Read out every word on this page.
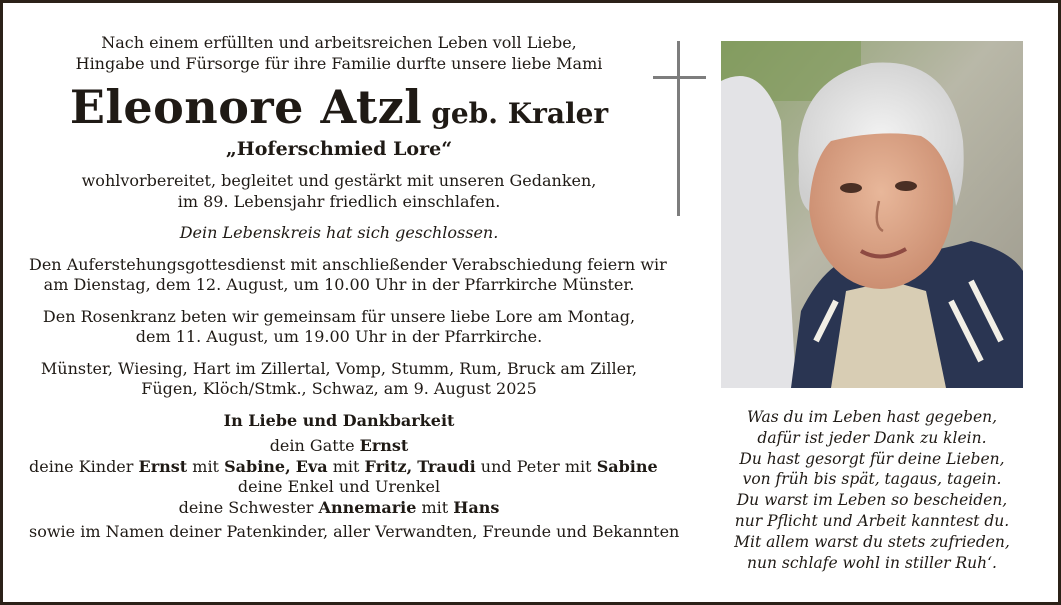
Nach einem erfüllten und arbeitsreichen Leben voll Liebe,
Hingabe und Fürsorge für ihre Familie durfte unsere liebe Mami
Eleonore Atzl geb. Kraler
„Hoferschmied Lore“
wohlvorbereitet, begleitet und gestärkt mit unseren Gedanken,
im 89. Lebensjahr friedlich einschlafen.
Dein Lebenskreis hat sich geschlossen.
Den Auferstehungsgottesdienst mit anschließender Verabschiedung feiern wir
am Dienstag, dem 12. August, um 10.00 Uhr in der Pfarrkirche Münster.
Den Rosenkranz beten wir gemeinsam für unsere liebe Lore am Montag,
dem 11. August, um 19.00 Uhr in der Pfarrkirche.
Münster, Wiesing, Hart im Zillertal, Vomp, Stumm, Rum, Bruck am Ziller,
Fügen, Klöch/Stmk., Schwaz, am 9. August 2025
In Liebe und Dankbarkeit
dein Gatte Ernst
deine Kinder Ernst mit Sabine, Eva mit Fritz, Traudi und Peter mit Sabine
deine Enkel und Urenkel
deine Schwester Annemarie mit Hans
sowie im Namen deiner Patenkinder, aller Verwandten, Freunde und Bekannten
Was du im Leben hast gegeben,
dafür ist jeder Dank zu klein.
Du hast gesorgt für deine Lieben,
von früh bis spät, tagaus, tagein.
Du warst im Leben so bescheiden,
nur Pflicht und Arbeit kanntest du.
Mit allem warst du stets zufrieden,
nun schlafe wohl in stiller Ruh‘.
